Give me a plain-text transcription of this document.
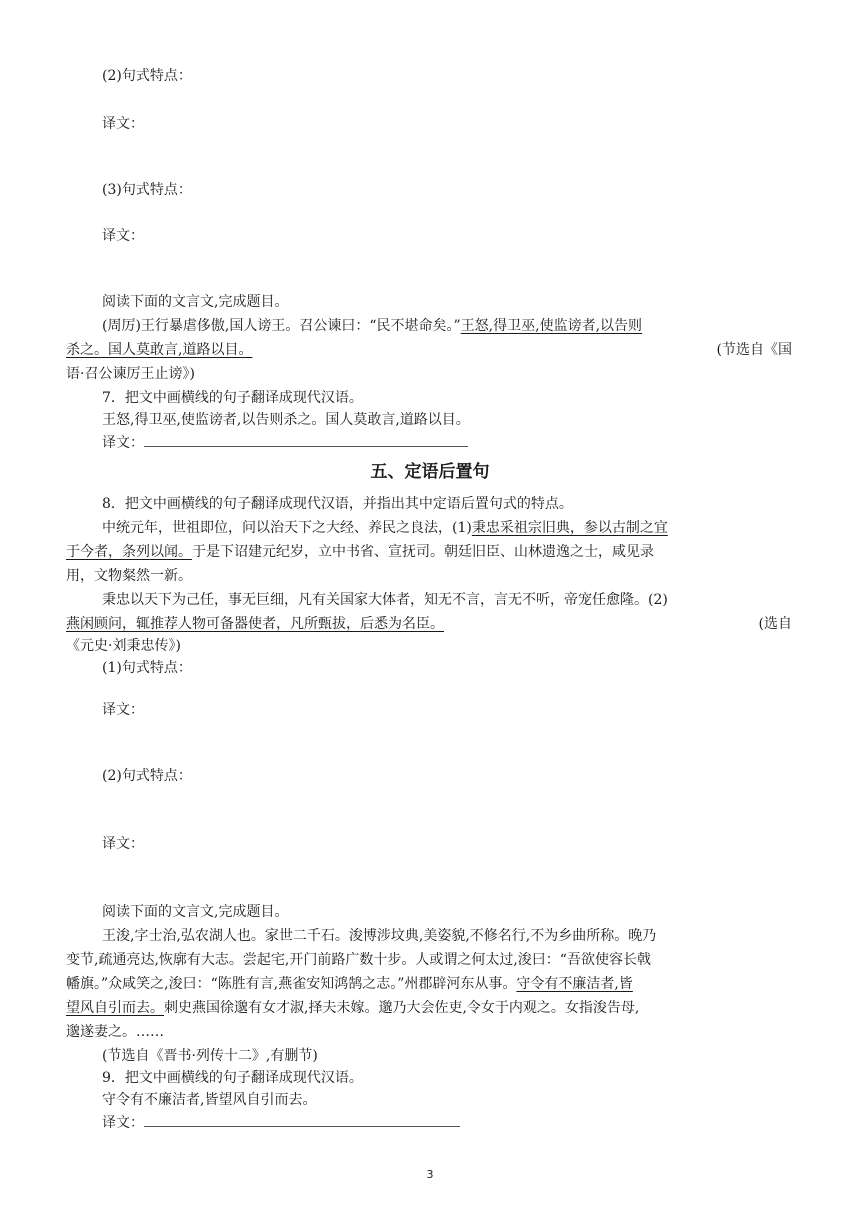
(2)句式特点：
译文：
(3)句式特点：
译文：
阅读下面的文言文,完成题目。
(周厉)王行暴虐侈傲,国人谤王。召公谏曰：“民不堪命矣。”王怒,得卫巫,使监谤者,以告则
杀之。国人莫敢言,道路以目。	(节选自《国
语·召公谏厉王止谤》)
7．把文中画横线的句子翻译成现代汉语。
王怒,得卫巫,使监谤者,以告则杀之。国人莫敢言,道路以目。
译文：
五、定语后置句
8．把文中画横线的句子翻译成现代汉语，并指出其中定语后置句式的特点。
中统元年，世祖即位，问以治天下之大经、养民之良法，(1)秉忠采祖宗旧典，参以古制之宜
于今者，条列以闻。于是下诏建元纪岁，立中书省、宣抚司。朝廷旧臣、山林遗逸之士，咸见录
用，文物粲然一新。
秉忠以天下为己任，事无巨细，凡有关国家大体者，知无不言，言无不听，帝宠任愈隆。(2)
燕闲顾问，辄推荐人物可备器使者，凡所甄拔，后悉为名臣。	(选自
《元史·刘秉忠传》)
(1)句式特点：
译文：
(2)句式特点：
译文：
阅读下面的文言文,完成题目。
王浚,字士治,弘农湖人也。家世二千石。浚博涉坟典,美姿貌,不修名行,不为乡曲所称。晚乃
变节,疏通亮达,恢廓有大志。尝起宅,开门前路广数十步。人或谓之何太过,浚曰：“吾欲使容长戟
幡旗。”众咸笑之,浚曰：“陈胜有言,燕雀安知鸿鹄之志。”州郡辟河东从事。守令有不廉洁者,皆
望风自引而去。刺史燕国徐邈有女才淑,择夫未嫁。邈乃大会佐吏,令女于内观之。女指浚告母,
邈遂妻之。……
(节选自《晋书·列传十二》,有删节)
9．把文中画横线的句子翻译成现代汉语。
守令有不廉洁者,皆望风自引而去。
译文：
3
